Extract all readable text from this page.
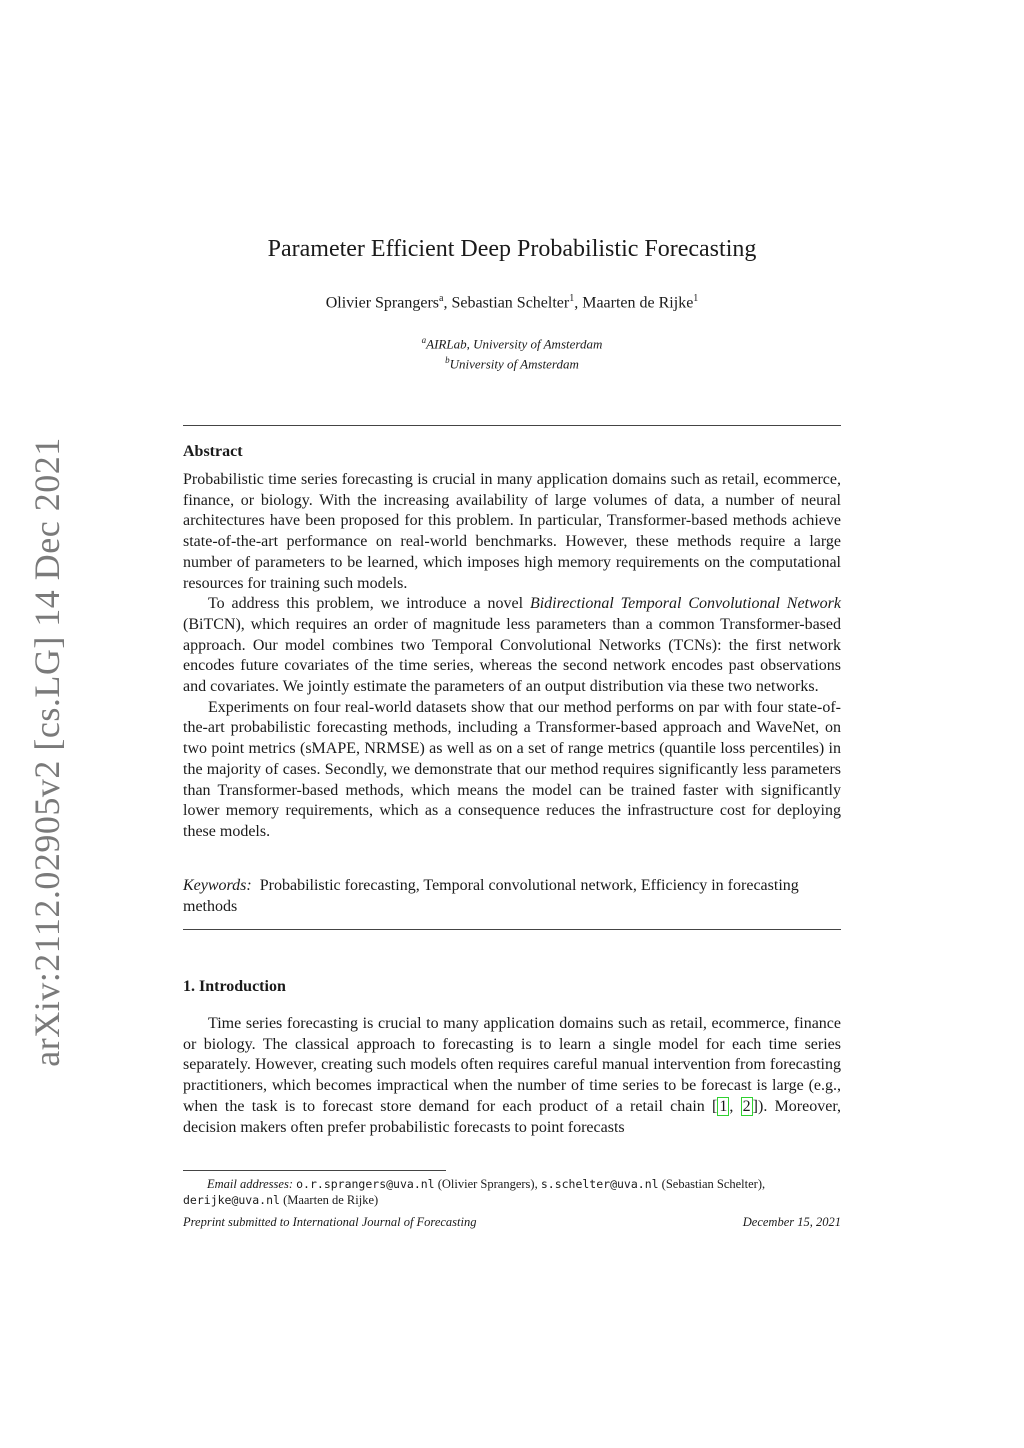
arXiv:2112.02905v2 [cs.LG] 14 Dec 2021
Parameter Efficient Deep Probabilistic Forecasting
Olivier Sprangers$^a$, Sebastian Schelter$^1$, Maarten de Rijke$^1$
$^a$AIRLab, University of Amsterdam
$^b$University of Amsterdam
Abstract

Probabilistic time series forecasting is crucial in many application domains such as retail, ecommerce, finance, or biology. With the increasing availability of large volumes of data, a number of neural architectures have been proposed for this problem. In particular, Transformer-based methods achieve state-of-the-art performance on real-world benchmarks. However, these methods require a large number of parameters to be learned, which imposes high memory requirements on the computational resources for training such models.

To address this problem, we introduce a novel Bidirectional Temporal Convolutional Network (BiTCN), which requires an order of magnitude less parameters than a common Transformer-based approach. Our model combines two Temporal Convolutional Networks (TCNs): the first network encodes future covariates of the time series, whereas the second network encodes past observations and covariates. We jointly estimate the parameters of an output distribution via these two networks.

Experiments on four real-world datasets show that our method performs on par with four state-of-the-art probabilistic forecasting methods, including a Transformer-based approach and WaveNet, on two point metrics (sMAPE, NRMSE) as well as on a set of range metrics (quantile loss percentiles) in the majority of cases. Secondly, we demonstrate that our method requires significantly less parameters than Transformer-based methods, which means the model can be trained faster with significantly lower memory requirements, which as a consequence reduces the infrastructure cost for deploying these models.

Keywords: Probabilistic forecasting, Temporal convolutional network, Efficiency in forecasting methods
1. Introduction

Time series forecasting is crucial to many application domains such as retail, ecommerce, finance or biology. The classical approach to forecasting is to learn a single model for each time series separately. However, creating such models often requires careful manual intervention from forecasting practitioners, which becomes impractical when the number of time series to be forecast is large (e.g., when the task is to forecast store demand for each product of a retail chain [ 1 , 2 ]). Moreover, decision makers often prefer probabilistic forecasts to point forecasts

Email addresses: o.r.sprangers@uva.nl (Olivier Sprangers), s.schelter@uva.nl (Sebastian Schelter),
derijke@uva.nl (Maarten de Rijke)
Preprint submitted to International Journal of Forecasting	December 15, 2021
